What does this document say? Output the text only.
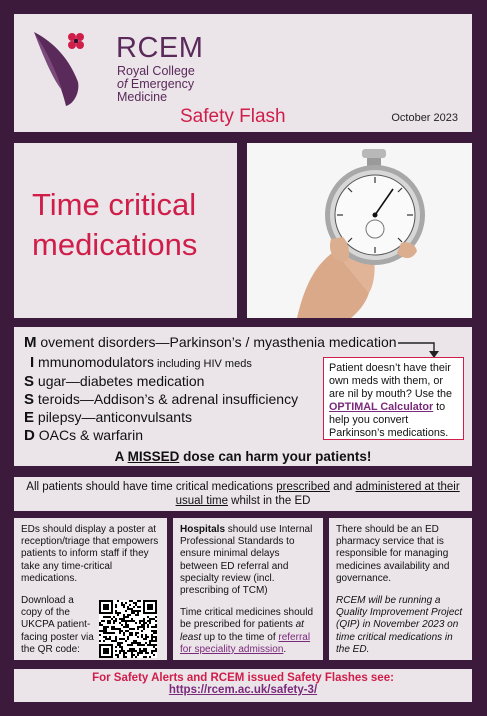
RCEM
Royal College
of Emergency
Medicine
Safety Flash	October 2023
Time critical
medications
M ovement disorders—Parkinson’s / myasthenia medication
I mmunomodulators including HIV meds
S ugar—diabetes medication
S teroids—Addison’s & adrenal insufficiency
E pilepsy—anticonvulsants
D OACs & warfarin
A MISSED dose can harm your patients!
Patient doesn’t have their own meds with them, or are nil by mouth? Use the OPTIMAL Calculator to help you convert Parkinson’s medications.
All patients should have time critical medications prescribed and administered at their usual time whilst in the ED

EDs should display a poster at reception/triage that empowers patients to inform staff if they take any time-critical medications.

Download a copy of the UKCPA patient-facing poster via the QR code:

Hospitals should use Internal Professional Standards to ensure minimal delays between ED referral and specialty review (incl. prescribing of TCM)

Time critical medicines should be prescribed for patients at least up to the time of referral for speciality admission.

There should be an ED pharmacy service that is responsible for managing medicines availability and governance.

RCEM will be running a Quality Improvement Project (QIP) in November 2023 on time critical medications in the ED.

For Safety Alerts and RCEM issued Safety Flashes see:
https://rcem.ac.uk/safety-3/
